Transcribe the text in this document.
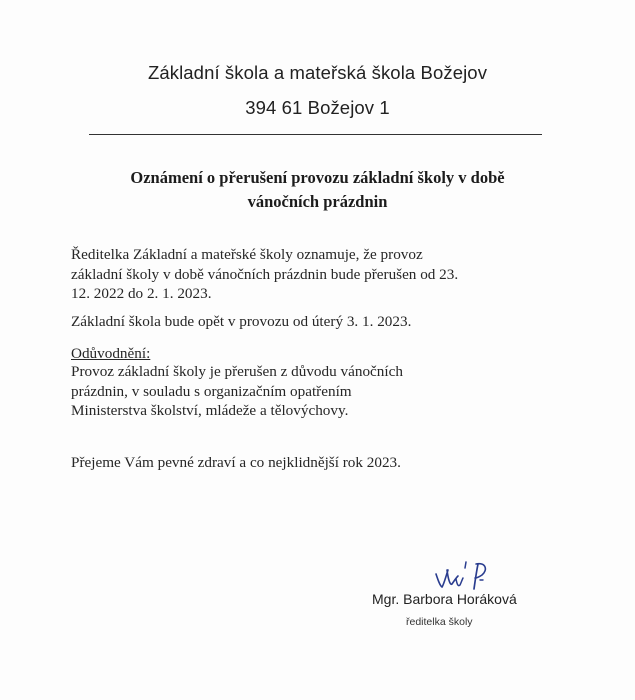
Základní škola a mateřská škola Božejov
394 61 Božejov 1
Oznámení o přerušení provozu základní školy v době
vánočních prázdnin
Ředitelka Základní a mateřské školy oznamuje, že provoz
základní školy v době vánočních prázdnin bude přerušen od 23.
12. 2022 do 2. 1. 2023.
Základní škola bude opět v provozu od úterý 3. 1. 2023.
Odůvodnění:
Provoz základní školy je přerušen z důvodu vánočních
prázdnin, v souladu s organizačním opatřením
Ministerstva školství, mládeže a tělovýchovy.
Přejeme Vám pevné zdraví a co nejklidnější rok 2023.
Mgr. Barbora Horáková
ředitelka školy
